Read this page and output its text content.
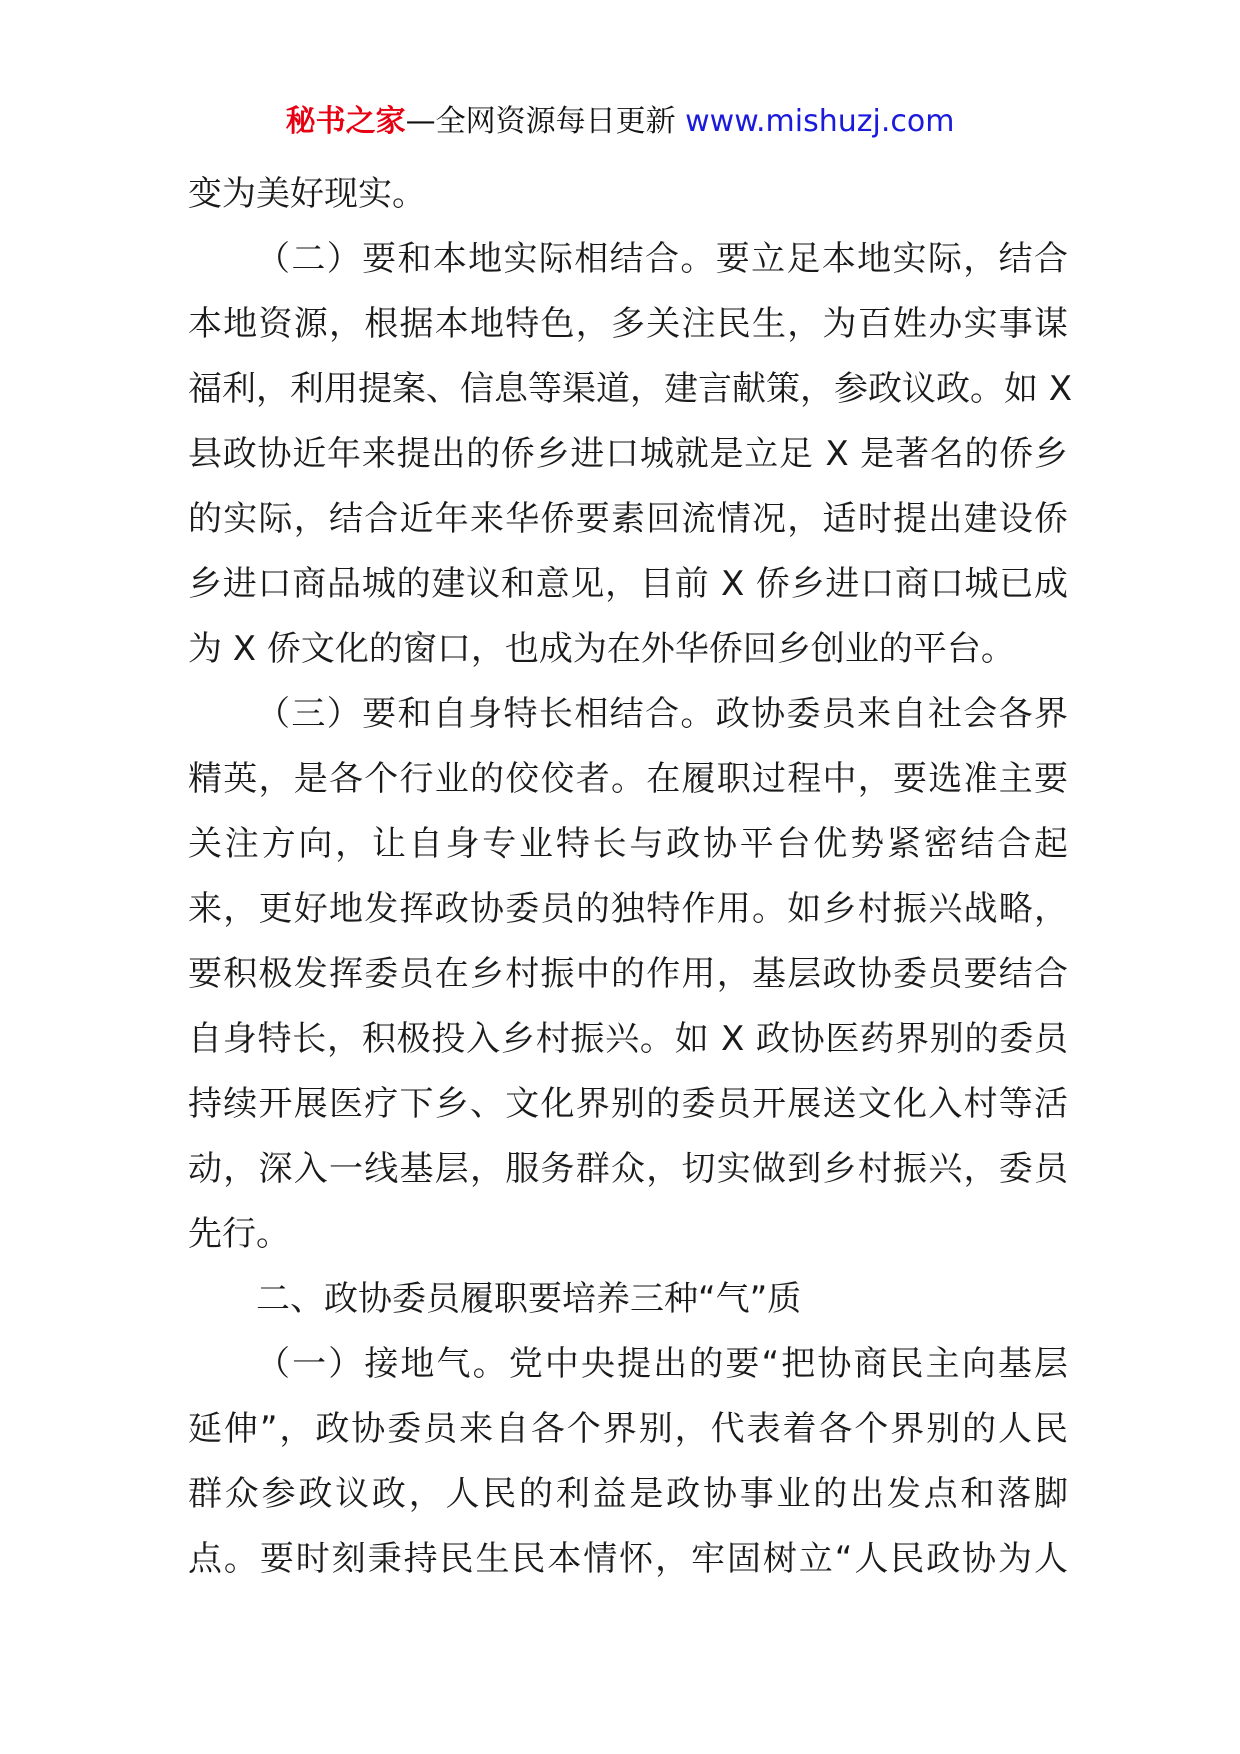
秘书之家—全网资源每日更新 www.mishuzj.com
变为美好现实。
（二）要和本地实际相结合。要立足本地实际，结合
本地资源，根据本地特色，多关注民生，为百姓办实事谋
福利，利用提案、信息等渠道，建言献策，参政议政。如 X
县政协近年来提出的侨乡进口城就是立足 X 是著名的侨乡
的实际，结合近年来华侨要素回流情况，适时提出建设侨
乡进口商品城的建议和意见，目前 X 侨乡进口商口城已成
为 X 侨文化的窗口，也成为在外华侨回乡创业的平台。
（三）要和自身特长相结合。政协委员来自社会各界
精英，是各个行业的佼佼者。在履职过程中，要选准主要
关注方向，让自身专业特长与政协平台优势紧密结合起
来，更好地发挥政协委员的独特作用。如乡村振兴战略，
要积极发挥委员在乡村振中的作用，基层政协委员要结合
自身特长，积极投入乡村振兴。如 X 政协医药界别的委员
持续开展医疗下乡、文化界别的委员开展送文化入村等活
动，深入一线基层，服务群众，切实做到乡村振兴，委员
先行。
二、政协委员履职要培养三种“气”质
（一）接地气。党中央提出的要“把协商民主向基层
延伸”，政协委员来自各个界别，代表着各个界别的人民
群众参政议政，人民的利益是政协事业的出发点和落脚
点。要时刻秉持民生民本情怀，牢固树立“人民政协为人
